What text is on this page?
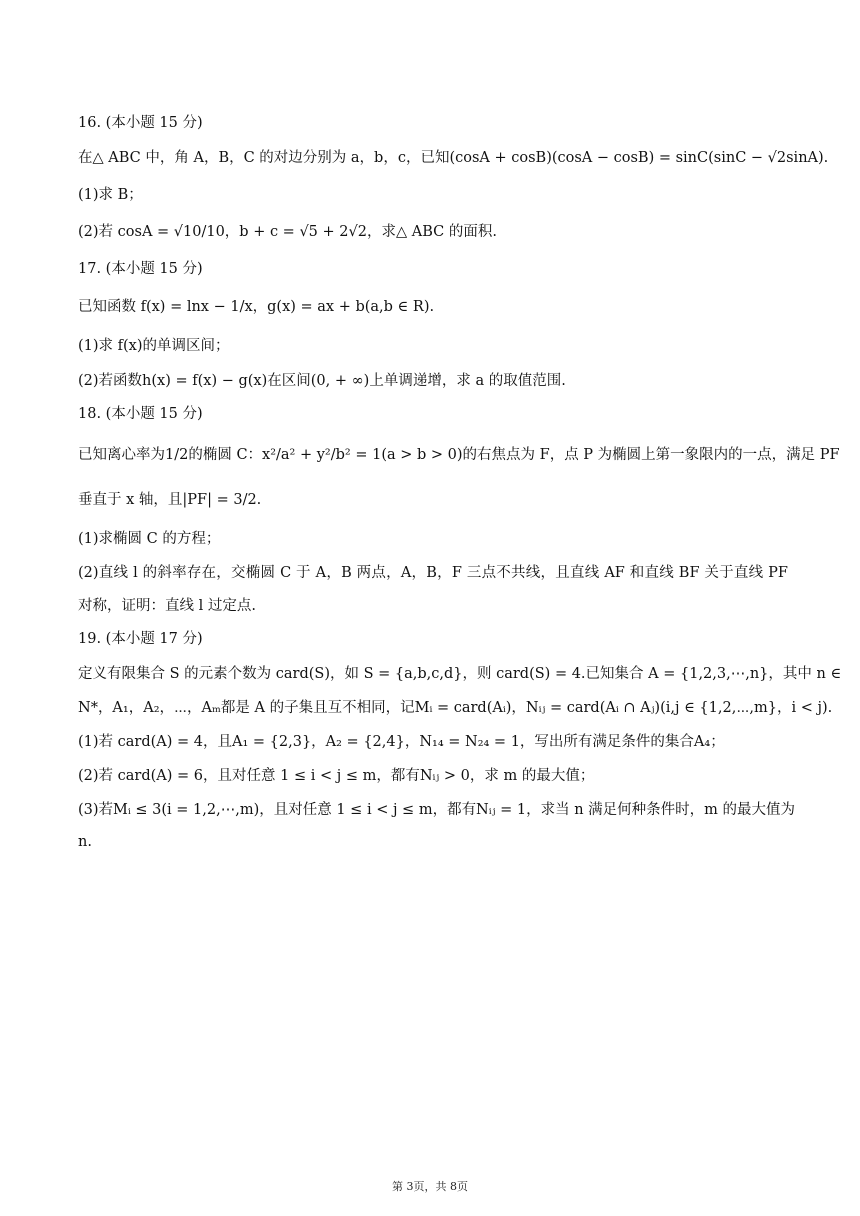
16. (本小题 15 分)
在△ ABC 中，角 A，B，C 的对边分别为 a，b，c，已知(cosA + cosB)(cosA − cosB) = sinC(sinC − √2sinA).
(1)求 B；
(2)若 cosA = √10/10，b + c = √5 + 2√2，求△ ABC 的面积.
17. (本小题 15 分)
已知函数 f(x) = lnx − 1/x，g(x) = ax + b(a,b ∈ R).
(1)求 f(x)的单调区间；
(2)若函数h(x) = f(x) − g(x)在区间(0, + ∞)上单调递增，求 a 的取值范围.
18. (本小题 15 分)
已知离心率为1/2的椭圆 C：x²/a² + y²/b² = 1(a > b > 0)的右焦点为 F，点 P 为椭圆上第一象限内的一点，满足 PF
垂直于 x 轴，且|PF| = 3/2.
(1)求椭圆 C 的方程；
(2)直线 l 的斜率存在，交椭圆 C 于 A，B 两点，A，B，F 三点不共线，且直线 AF 和直线 BF 关于直线 PF
对称，证明：直线 l 过定点.
19. (本小题 17 分)
定义有限集合 S 的元素个数为 card(S)，如 S = {a,b,c,d}，则 card(S) = 4.已知集合 A = {1,2,3,⋯,n}，其中 n ∈
N*，A₁，A₂，⋯，Aₘ都是 A 的子集且互不相同，记Mᵢ = card(Aᵢ)，Nᵢⱼ = card(Aᵢ ∩ Aⱼ)(i,j ∈ {1,2,⋯,m}，i < j).
(1)若 card(A) = 4，且A₁ = {2,3}，A₂ = {2,4}，N₁₄ = N₂₄ = 1，写出所有满足条件的集合A₄；
(2)若 card(A) = 6，且对任意 1 ≤ i < j ≤ m，都有Nᵢⱼ > 0，求 m 的最大值；
(3)若Mᵢ ≤ 3(i = 1,2,⋯,m)，且对任意 1 ≤ i < j ≤ m，都有Nᵢⱼ = 1，求当 n 满足何种条件时，m 的最大值为
n.
第 3页，共 8页
